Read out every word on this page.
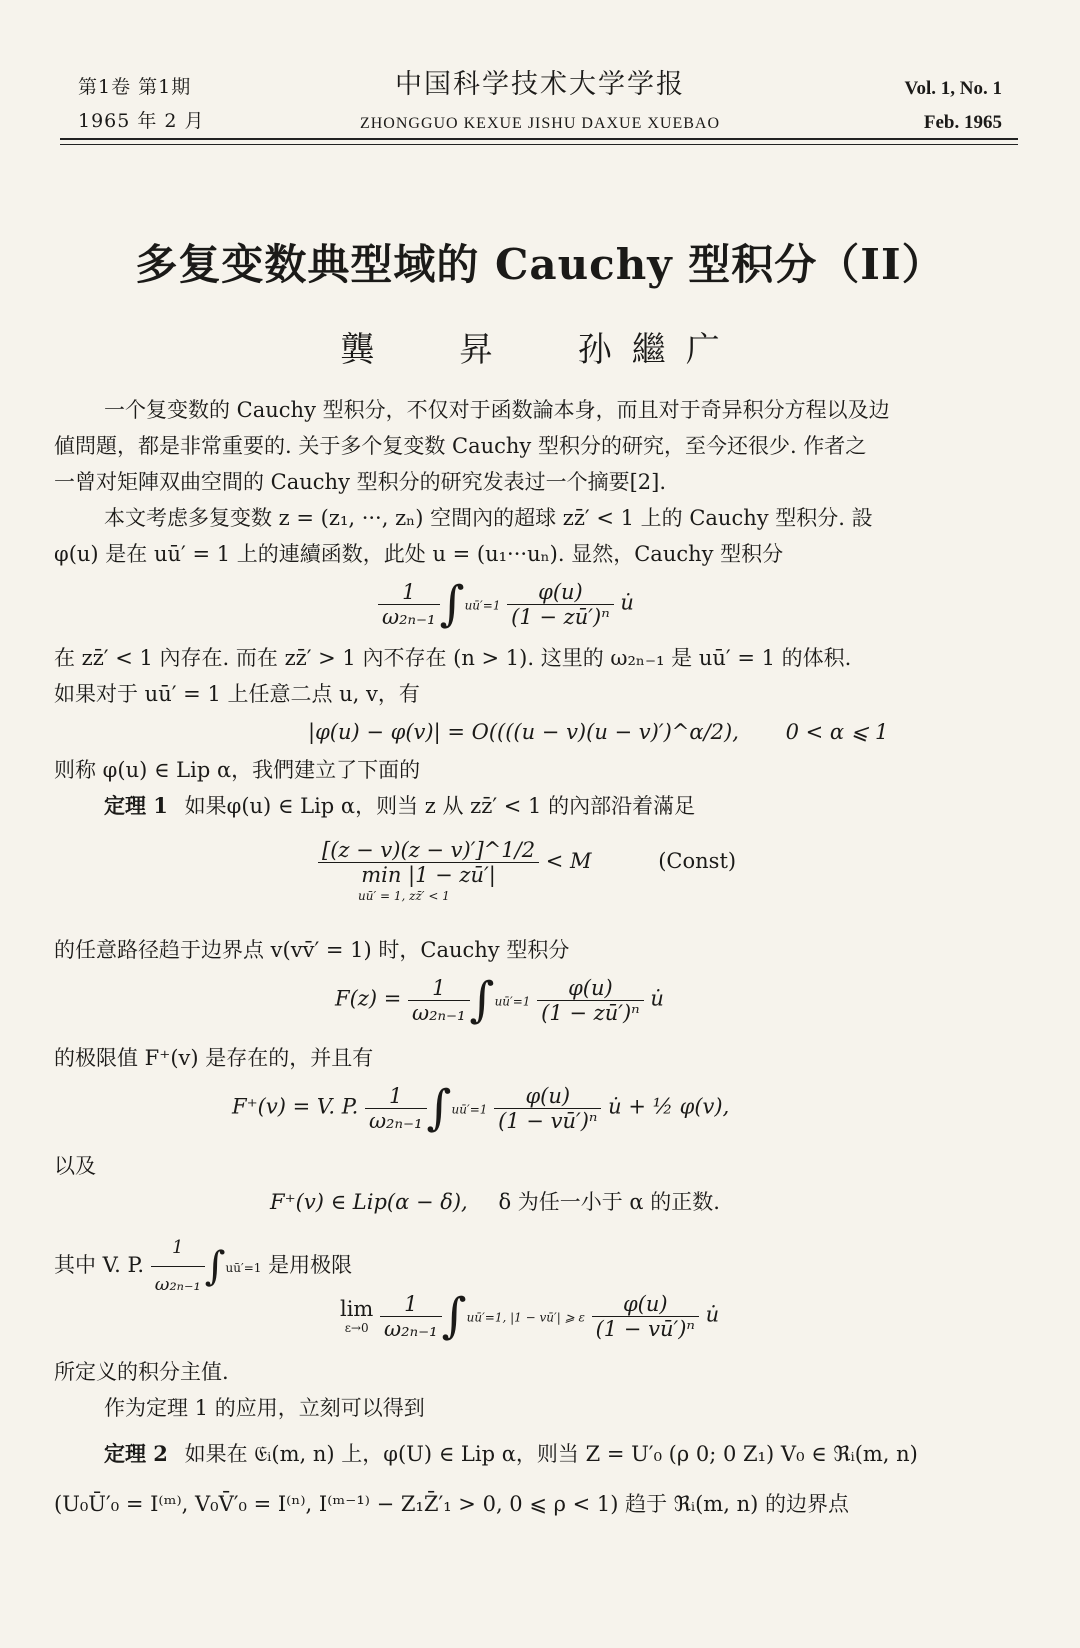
第1卷 第1期
1965 年 2 月
中国科学技术大学学报
ZHONGGUO KEXUE JISHU DAXUE XUEBAO
Vol. 1, No. 1
Feb. 1965
多复变数典型域的 Cauchy 型积分（II）
龔 昇 孙繼广
一个复变数的 Cauchy 型积分，不仅对于函数論本身，而且对于奇异积分方程以及边
値問題，都是非常重要的. 关于多个复变数 Cauchy 型积分的研究，至今还很少. 作者之
一曾对矩陣双曲空間的 Cauchy 型积分的研究发表过一个摘要[2].
本文考虑多复变数 z = (z₁, ···, zₙ) 空間內的超球 zz̄′ < 1 上的 Cauchy 型积分. 設
φ(u) 是在 uū′ = 1 上的連續函数，此处 u = (u₁···uₙ). 显然，Cauchy 型积分
$\frac{1}{\text{ω₂ₙ₋₁}}$ ∫uū′=1 $\frac{\varphi(u)}{\text{(1 − zū′)ⁿ}}$ u̇
在 zz̄′ < 1 內存在. 而在 zz̄′ > 1 內不存在 (n > 1). 这里的 ω₂ₙ₋₁ 是 uū′ = 1 的体积.
如果对于 uū′ = 1 上任意二点 u, v，有
|φ(u) − φ(v)| = O((((u − v)(u − v)′)^α/2), 0 < α ⩽ 1
则称 φ(u) ∈ Lip α，我們建立了下面的
定理 1 如果φ(u) ∈ Lip α，则当 z 从 zz̄′ < 1 的內部沿着滿足
$\frac{[(z - v)(z - v)']\^{}1/2}{\min |1 - zū'|} < M$	(Const)
uū′ = 1, zz̄′ < 1
的任意路径趋于边界点 v(vv̄′ = 1) 时，Cauchy 型积分
$F(z) = \frac{1}{\text{ω₂ₙ₋₁}}$ ∫uū′=1 $\frac{\varphi(u)}{\text{(1 − zū′)ⁿ}}$ u̇
的极限值 F⁺(v) 是存在的，并且有
F⁺(v) = V. P. $\frac{1}{\text{ω₂ₙ₋₁}}$ ∫uū′=1 $\frac{\varphi(u)}{\text{(1 − vū′)ⁿ}}$ u̇ + ½ φ(v),
以及
F⁺(v) ∈ Lip(α − δ), δ 为任一小于 α 的正数.
其中 V. P. $\frac{1}{\text{ω₂ₙ₋₁}}$ ∫uū′=1 是用极限
lim
ε→0
$\frac{1}{\text{ω₂ₙ₋₁}}$ ∫uū′=1, |1 − vū′| ⩾ ε $\frac{\varphi(u)}{\text{(1 − vū′)ⁿ}}$ u̇
所定义的积分主值.
作为定理 1 的应用，立刻可以得到
定理 2 如果在 𝔈ᵢ(m, n) 上，φ(U) ∈ Lip α，则当 Z = U′₀ (ρ 0; 0 Z₁) V₀ ∈ ℜᵢ(m, n)
(U₀Ū′₀ = I⁽ᵐ⁾, V₀V̄′₀ = I⁽ⁿ⁾, I⁽ᵐ⁻¹⁾ − Z₁Z̄′₁ > 0, 0 ⩽ ρ < 1) 趋于 ℜᵢ(m, n) 的边界点
